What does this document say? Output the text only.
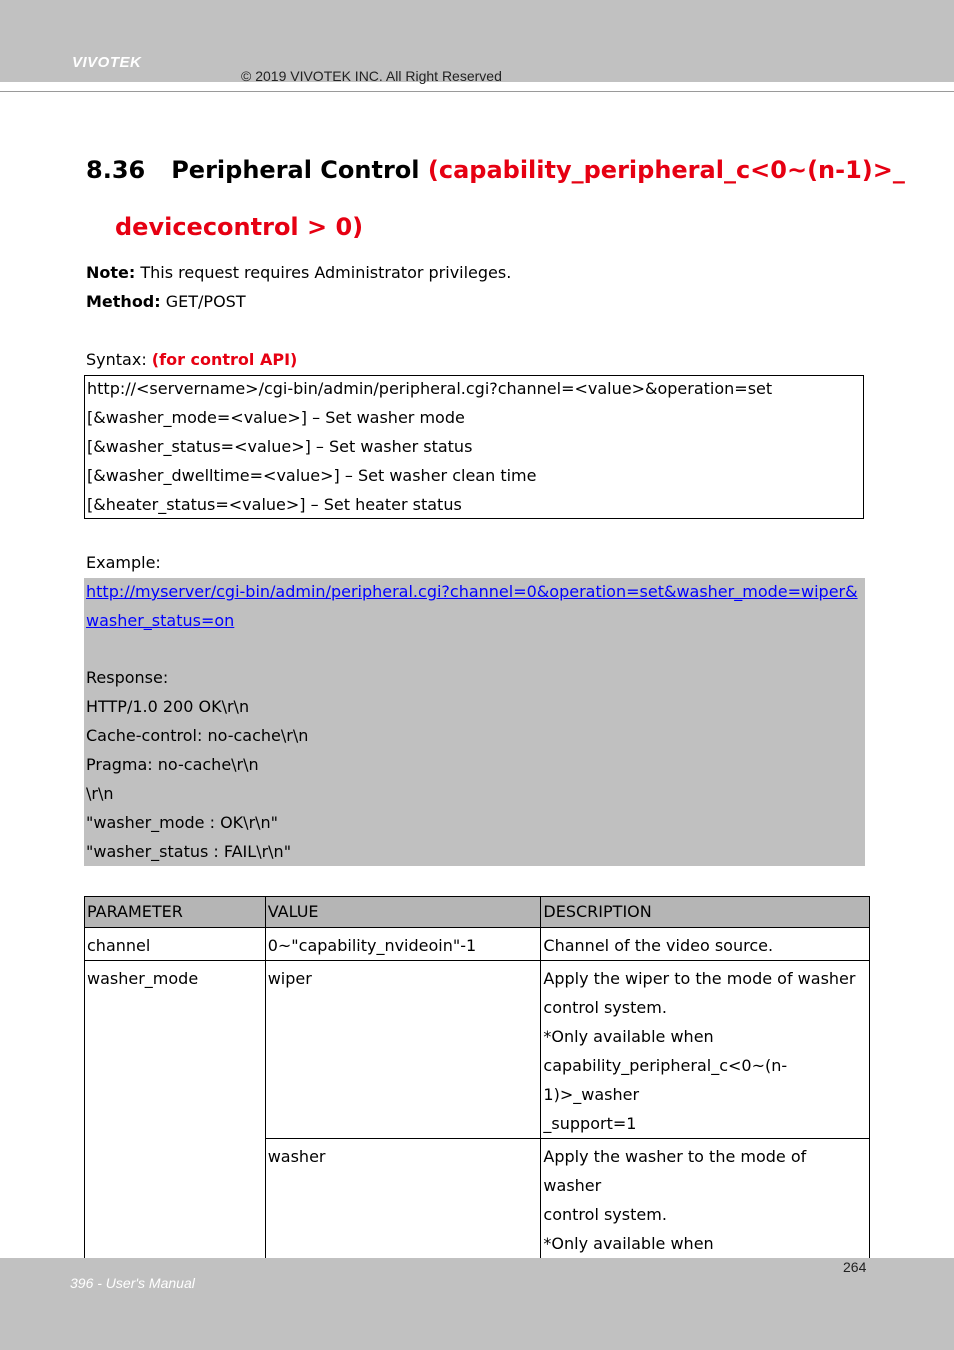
VIVOTEK
© 2019 VIVOTEK INC. All Right Reserved
8.36 Peripheral Control (capability_peripheral_c<0~(n-1)>_
devicecontrol > 0)
Note: This request requires Administrator privileges.
Method: GET/POST
Syntax: (for control API)
http://<servername>/cgi-bin/admin/peripheral.cgi?channel=<value>&operation=set
[&washer_mode=<value>] – Set washer mode
[&washer_status=<value>] – Set washer status
[&washer_dwelltime=<value>] – Set washer clean time
[&heater_status=<value>] – Set heater status
Example:
http://myserver/cgi-bin/admin/peripheral.cgi?channel=0&operation=set&washer_mode=wiper&
washer_status=on
Response:
HTTP/1.0 200 OK\r\n
Cache-control: no-cache\r\n
Pragma: no-cache\r\n
\r\n
"washer_mode : OK\r\n"
"washer_status : FAIL\r\n"
PARAMETER	VALUE	DESCRIPTION
channel	0~"capability_nvideoin"-1	Channel of the video source.
washer_mode	wiper	Apply the wiper to the mode of washer
control system.
*Only available when
capability_peripheral_c<0~(n-1)>_washer
_support=1

	washer	Apply the washer to the mode of washer
control system.
*Only available when
264
396 - User's Manual
